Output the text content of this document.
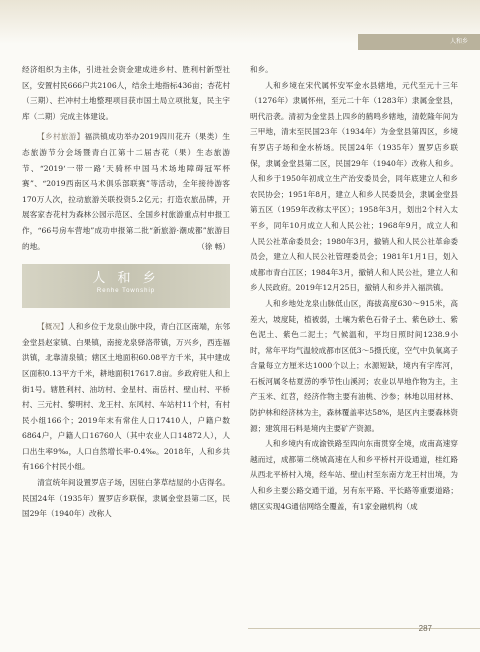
人和乡

经济组织为主体，引进社会资金建成进乡村、胜利村新型社区，安置村民666户共2106人，结余土地指标436亩；杏花村（三期）、拦冲村土地整理项目获市国土局立项批复，民主宇库（二期）完成主体建设。

【乡村旅游】福洪镇成功举办2019四川花卉（果类）生态旅游节分会场暨青白江第十二届杏花（果）生态旅游节、“2019‘一带一路’天骑杯中国马术场地障碍冠军杯赛”、“2019西南区马术俱乐部联赛”等活动，全年接待游客170万人次，拉动旅游关联投资5.2亿元；打造农旅品牌，开展客家杏花村为森林公园示范区、全国乡村旅游重点村申报工作，“66号房车营地”成功申报第二批“新旅游·潮成都”旅游目的地。	（徐 畅）

人 和 乡
Renhe Township

【概况】人和乡位于龙泉山脉中段，青白江区南端，东邻金堂县赵家镇、白果镇，南接龙泉驿洛带镇，万兴乡，西连福洪镇，北靠清泉镇；辖区土地面积60.08平方千米，其中建成区面积0.13平方千米，耕地面积17617.8亩。乡政府驻人和上街1号。辖胜利村、油坊村、金星村、南岳村、壁山村、平桥村、三元村、黎明村、龙王村、东风村、车站村11个村，有村民小组166个；2019年末有常住人口17410人，户籍户数6864户，户籍人口16760人（其中农业人口14872人），人口出生率9‰，人口自然增长率-0.4‰。2018年，人和乡共有166个村民小组。

清宣统年间设置罗店子场，因驻白茅草结屋的小店得名。民国24年（1935年）置罗店乡联保，隶属金堂县第二区，民国29年（1940年）改称人

和乡。

人和乡境在宋代属怀安军金水县辖地，元代至元十三年（1276年）隶属怀州，至元二十年（1283年）隶属金堂县，明代沿袭。清初为金堂县上四乡的鹤鸣乡辖地，清乾隆年间为三甲地，清末至民国23年（1934年）为金堂县第四区，乡境有罗店子场和金水桥场。民国24年（1935年）置罗店乡联保，隶属金堂县第二区，民国29年（1940年）改称人和乡。人和乡于1950年初成立生产治安委员会，同年底建立人和乡农民协会；1951年8月，建立人和乡人民委员会，隶属金堂县第五区（1959年改称太平区）；1958年3月，划出2个村入太平乡，同年10月成立人和人民公社；1968年9月，成立人和人民公社革命委员会；1980年3月，撤销人和人民公社革命委员会，建立人和人民公社管理委员会；1981年1月1日，划入成都市青白江区；1984年3月，撤销人和人民公社，建立人和乡人民政府。2019年12月25日，撤销人和乡并入福洪镇。

人和乡地处龙泉山脉低山区，海拔高度630～915米，高差大，坡度陡，植被弱，土壤为紫色石骨子土、紫色砂土、紫色泥土、紫色二泥土；气候温和，平均日照时间1238.9小时，常年平均气温较成都市区低3～5摄氏度，空气中负氧离子含量每立方厘米达1000个以上；水源短缺，境内有字库河，石板河属冬枯夏涝的季节性山溪河；农业以旱地作物为主，主产玉米、红苕，经济作物主要有油桃、沙参；林地以用材林、防护林和经济林为主，森林覆盖率达58%，是区内主要森林资源；建筑用石料是境内主要矿产资源。

人和乡境内有成渝铁路至四向东南贯穿全境，成南高速穿越而过，成都第二绕城高速在人和乡平桥村开设通道，桂红路从西北平桥村入境，经车站、壁山村至东南方龙王村出境，为人和乡主要公路交通干道，另有东平路、平长路等重要道路；辖区实现4G通信网络全覆盖，有1家金融机构（成

287
